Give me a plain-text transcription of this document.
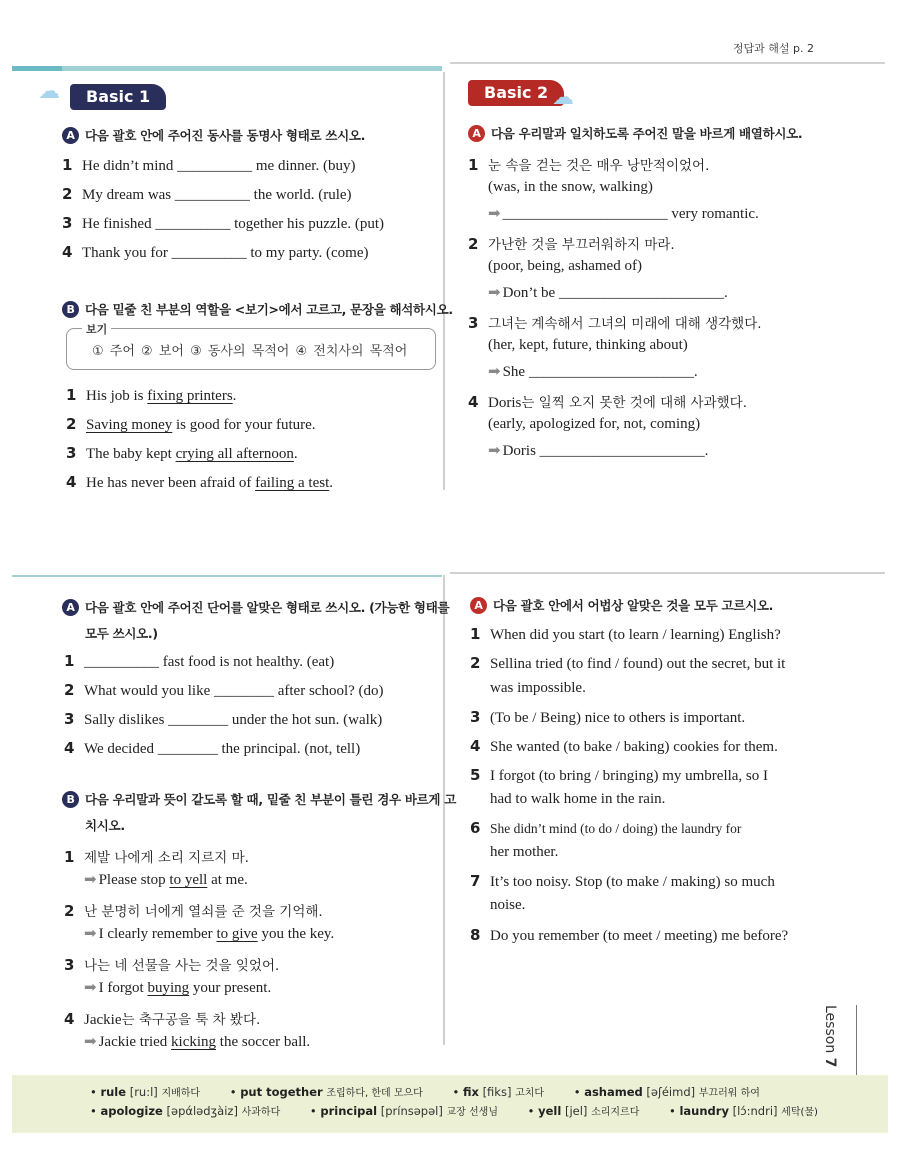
정답과 해설 p. 2
☁	Basic 1
A 다음 괄호 안에 주어진 동사를 동명사 형태로 쓰시오.
1 He didn’t mind __________ me dinner. (buy)
2 My dream was __________ the world. (rule)
3 He finished __________ together his puzzle. (put)
4 Thank you for __________ to my party. (come)
B 다음 밑줄 친 부분의 역할을 <보기>에서 고르고, 문장을 해석하시오.
보기
① 주어 ② 보어 ③ 동사의 목적어 ④ 전치사의 목적어
1 His job is fixing printers.
2 Saving money is good for your future.
3 The baby kept crying all afternoon.
4 He has never been afraid of failing a test.
Basic 2 ☁
A 다음 우리말과 일치하도록 주어진 말을 바르게 배열하시오.
1 눈 속을 걷는 것은 매우 낭만적이었어.
(was, in the snow, walking)
➡ ______________________ very romantic.
2 가난한 것을 부끄러워하지 마라.
(poor, being, ashamed of)
➡ Don’t be ______________________.
3 그녀는 계속해서 그녀의 미래에 대해 생각했다.
(her, kept, future, thinking about)
➡ She ______________________.
4 Doris는 일찍 오지 못한 것에 대해 사과했다.
(early, apologized for, not, coming)
➡ Doris ______________________.
A 다음 괄호 안에 주어진 단어를 알맞은 형태로 쓰시오. (가능한 형태를
모두 쓰시오.)
1 __________ fast food is not healthy. (eat)
2 What would you like ________ after school? (do)
3 Sally dislikes ________ under the hot sun. (walk)
4 We decided ________ the principal. (not, tell)
B 다음 우리말과 뜻이 같도록 할 때, 밑줄 친 부분이 틀린 경우 바르게 고
치시오.
1 제발 나에게 소리 지르지 마.
➡ Please stop to yell at me.
2 난 분명히 너에게 열쇠를 준 것을 기억해.
➡ I clearly remember to give you the key.
3 나는 네 선물을 사는 것을 잊었어.
➡ I forgot buying your present.
4 Jackie는 축구공을 툭 차 봤다.
➡ Jackie tried kicking the soccer ball.
A 다음 괄호 안에서 어법상 알맞은 것을 모두 고르시오.
1 When did you start (to learn / learning) English?
2 Sellina tried (to find / found) out the secret, but it
was impossible.
3 (To be / Being) nice to others is important.
4 She wanted (to bake / baking) cookies for them.
5 I forgot (to bring / bringing) my umbrella, so I
had to walk home in the rain.
6 She didn’t mind (to do / doing) the laundry for
her mother.
7 It’s too noisy. Stop (to make / making) so much
noise.
8 Do you remember (to meet / meeting) me before?
Lesson 7
• rule [ru:l] 지배하다	• put together 조립하다, 한데 모으다	• fix [fiks] 고치다	• ashamed [əʃéimd] 부끄러워 하여
• apologize [əpάlədʒàiz] 사과하다	• principal [prínsəpəl] 교장 선생님	• yell [jel] 소리지르다	• laundry [lɔ́:ndri] 세탁(물)
